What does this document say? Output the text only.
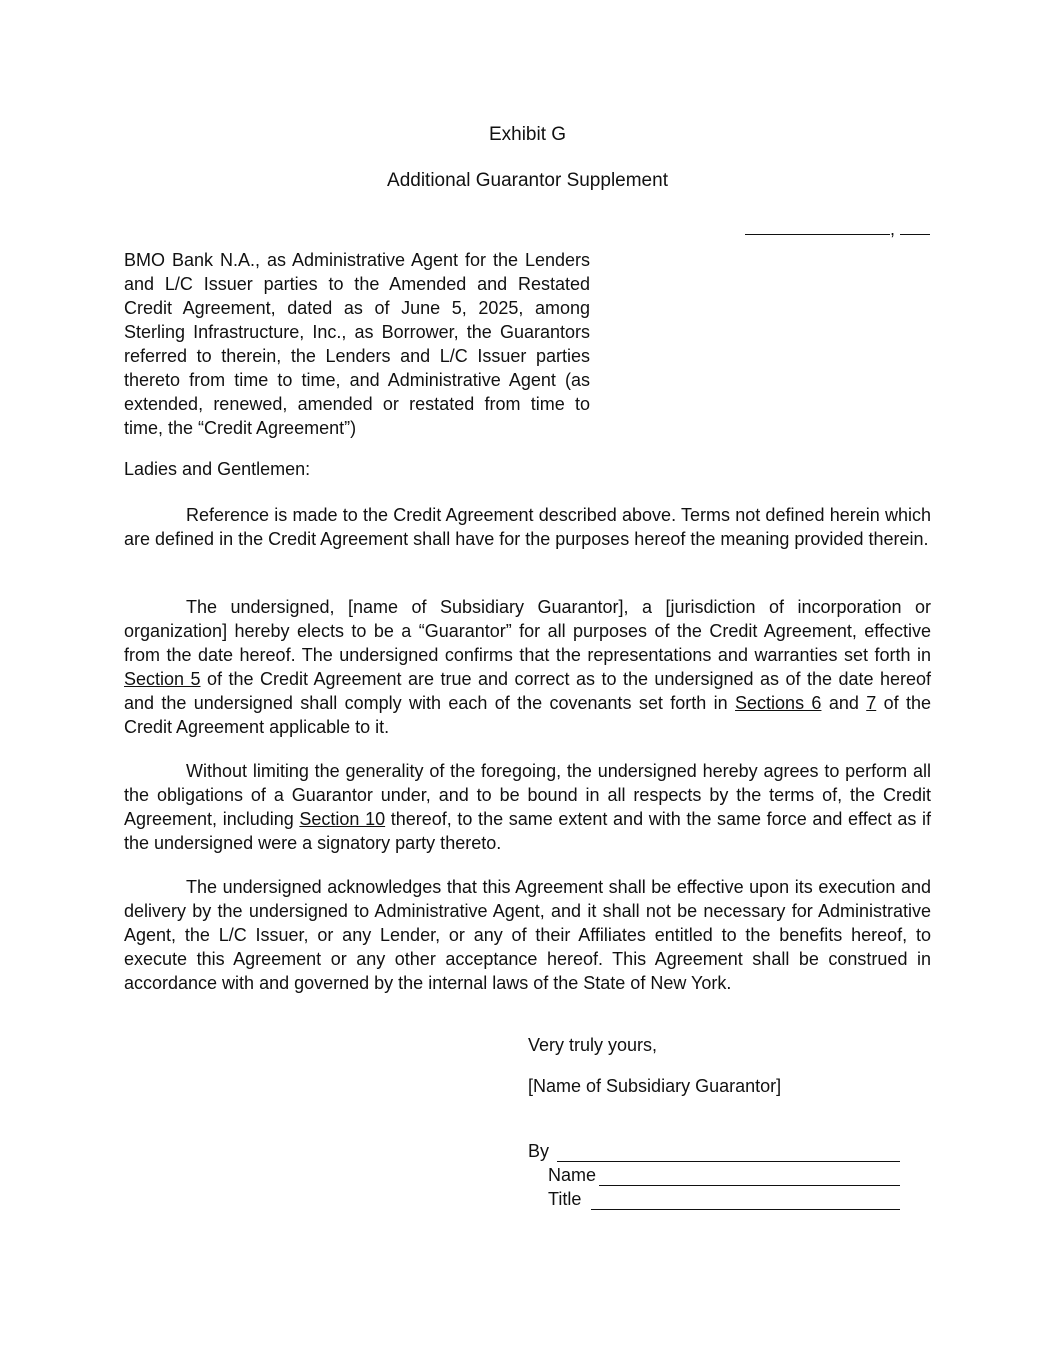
Exhibit G
Additional Guarantor Supplement
,
BMO Bank N.A., as Administrative Agent for the Lenders and L/C Issuer parties to the Amended and Restated Credit Agreement, dated as of June 5, 2025, among Sterling Infrastructure, Inc., as Borrower, the Guarantors referred to therein, the Lenders and L/C Issuer parties thereto from time to time, and Administrative Agent (as extended, renewed, amended or restated from time to time, the “Credit Agreement”)
Ladies and Gentlemen:

Reference is made to the Credit Agreement described above. Terms not defined herein which are defined in the Credit Agreement shall have for the purposes hereof the meaning provided therein.

The undersigned, [name of Subsidiary Guarantor], a [jurisdiction of incorporation or organization] hereby elects to be a “Guarantor” for all purposes of the Credit Agreement, effective from the date hereof. The undersigned confirms that the representations and warranties set forth in Section 5 of the Credit Agreement are true and correct as to the undersigned as of the date hereof and the undersigned shall comply with each of the covenants set forth in Sections 6 and 7 of the Credit Agreement applicable to it.

Without limiting the generality of the foregoing, the undersigned hereby agrees to perform all the obligations of a Guarantor under, and to be bound in all respects by the terms of, the Credit Agreement, including Section 10 thereof, to the same extent and with the same force and effect as if the undersigned were a signatory party thereto.

The undersigned acknowledges that this Agreement shall be effective upon its execution and delivery by the undersigned to Administrative Agent, and it shall not be necessary for Administrative Agent, the L/C Issuer, or any Lender, or any of their Affiliates entitled to the benefits hereof, to execute this Agreement or any other acceptance hereof. This Agreement shall be construed in accordance with and governed by the internal laws of the State of New York.

Very truly yours,
[Name of Subsidiary Guarantor]
By
Name
Title
